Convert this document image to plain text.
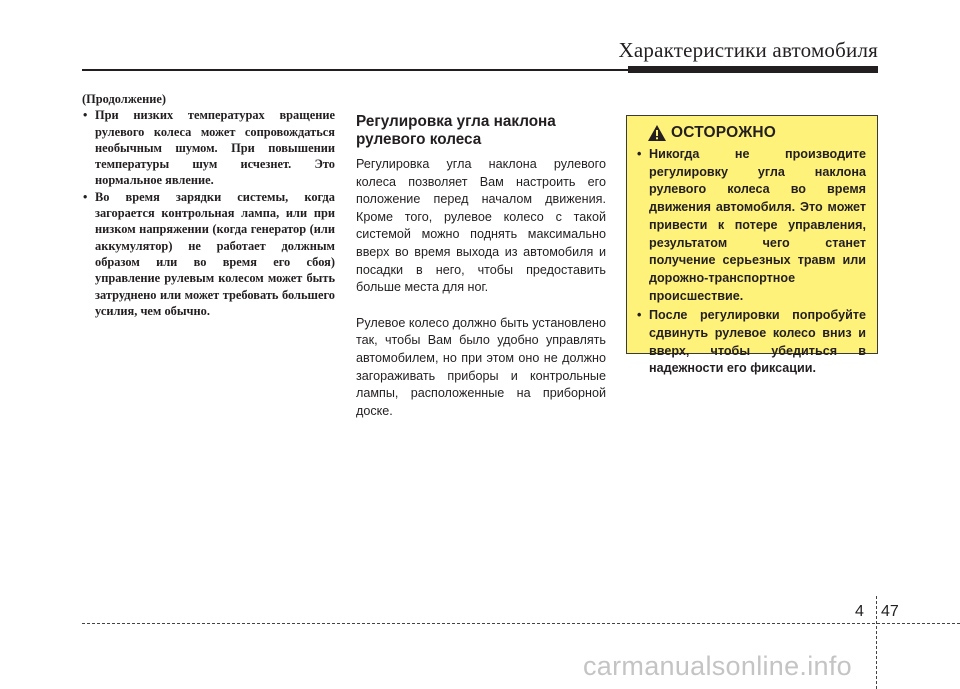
Характеристики автомобиля

(Продолжение)

• При низких температурах вращение рулевого колеса может сопровождаться необычным шумом. При повышении температуры шум исчезнет. Это нормальное явление.
• Во время зарядки системы, когда загорается контрольная лампа, или при низком напряжении (когда генератор (или аккумулятор) не работает должным образом или во время его сбоя) управление рулевым колесом может быть затруднено или может требовать большего усилия, чем обычно.
Регулировка угла наклона рулевого колеса

Регулировка угла наклона рулевого колеса позволяет Вам настроить его положение перед началом движения. Кроме того, рулевое колесо с такой системой можно поднять максимально вверх во время выхода из автомобиля и посадки в него, чтобы предоставить больше места для ног.

Рулевое колесо должно быть установлено так, чтобы Вам было удобно управлять автомобилем, но при этом оно не должно загораживать приборы и контрольные лампы, расположенные на приборной доске.

ОСТОРОЖНО
• Никогда не производите регулировку угла наклона рулевого колеса во время движения автомобиля. Это может привести к потере управления, результатом чего станет получение серьезных травм или дорожно-транспортное происшествие.
• После регулировки попробуйте сдвинуть рулевое колесо вниз и вверх, чтобы убедиться в надежности его фиксации.
4 47
carmanualsonline.info
